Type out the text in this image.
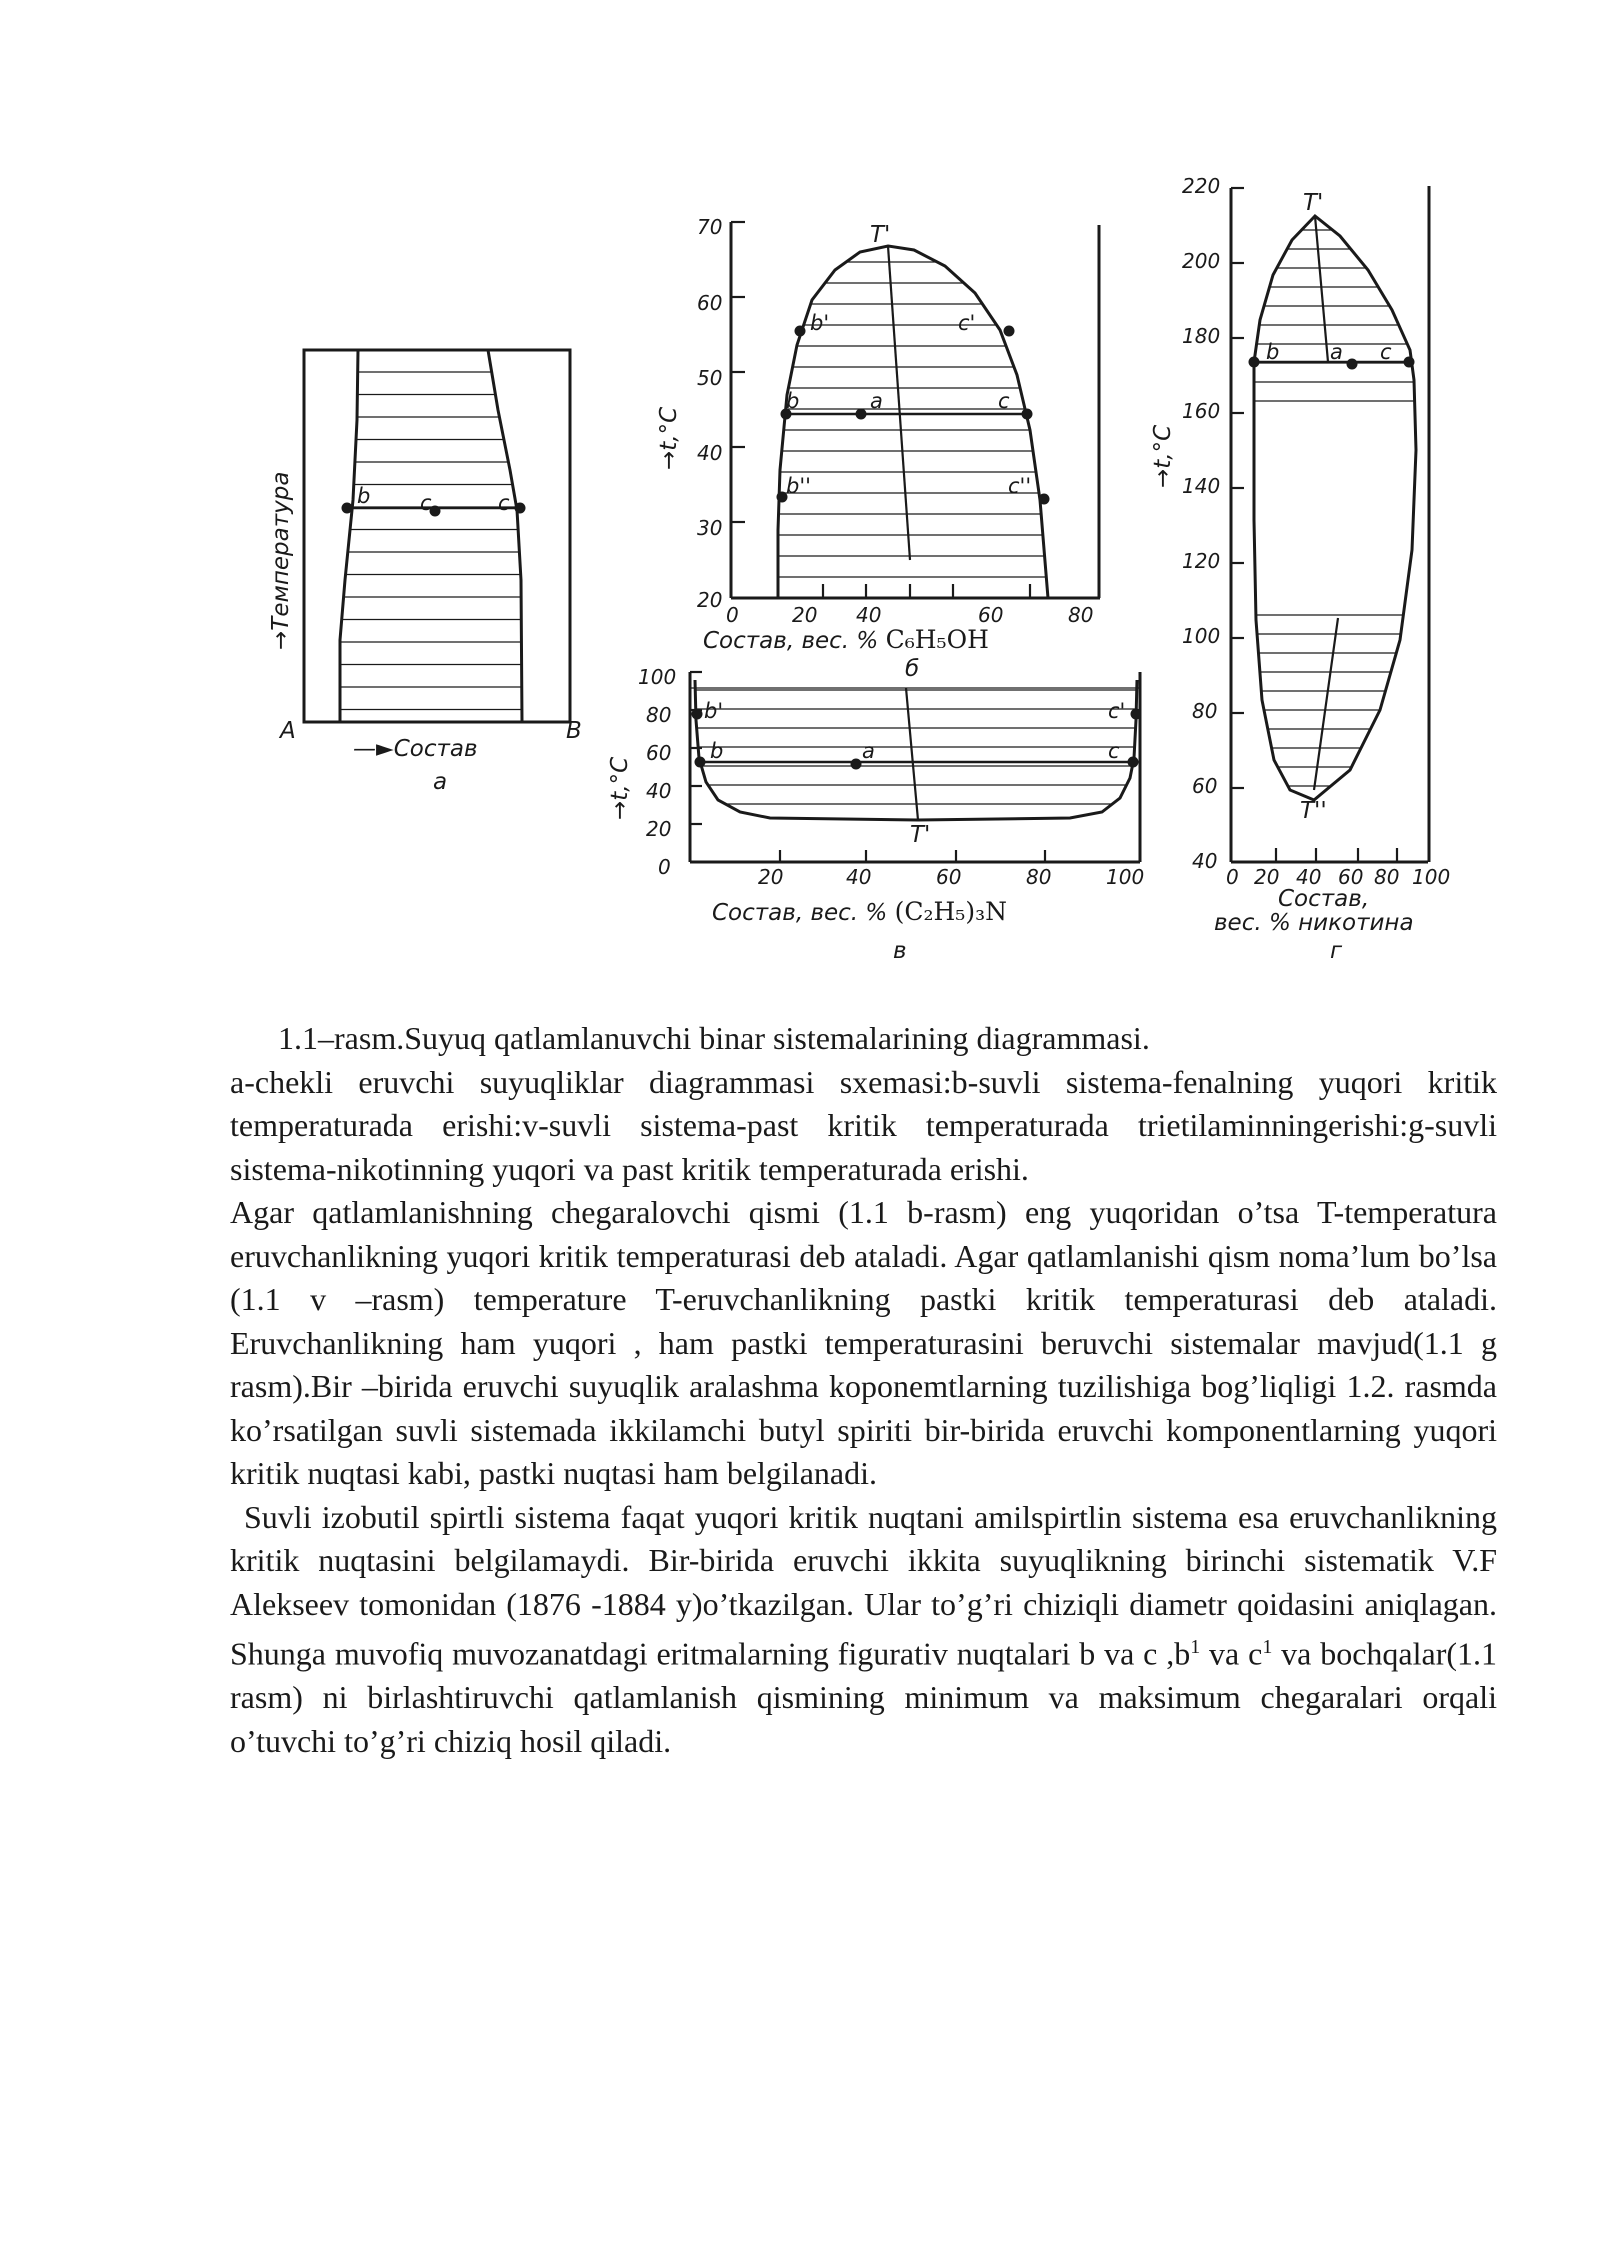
b c	c
→Температура
A	B
—►Состав
а
70
60
50
40
30
20
0	20 40	60	80
→t,°C
T'
b'	c'
b	a	c
b''	c''
Состав, вес. % C₆H₅OH
б
100
80
60
40
20
0	20	40	60	80	100
→t,°C
T'
b'	c'
b	a	c
Состав, вес. % (C₂H₅)₃N
в
220
200
180
160
140
120
100
80
60
40
0 20 40 60 80 100
→t,°C
T'
T''
b a c
Состав,
вес. % никотина
г

1.1–rasm.Suyuq qatlamlanuvchi binar sistemalarining diagrammasi.

a-chekli eruvchi suyuqliklar diagrammasi sxemasi:b-suvli sistema-fenalning yuqori kritik temperaturada erishi:v-suvli sistema-past kritik temperaturada trietilaminningerishi:g-suvli sistema-nikotinning yuqori va past kritik temperaturada erishi.

Agar qatlamlanishning chegaralovchi qismi (1.1 b-rasm) eng yuqoridan o’tsa T-temperatura eruvchanlikning yuqori kritik temperaturasi deb ataladi. Agar qatlamlanishi qism noma’lum bo’lsa (1.1 v –rasm) temperature T-eruvchanlikning pastki kritik temperaturasi deb ataladi. Eruvchanlikning ham yuqori , ham pastki temperaturasini beruvchi sistemalar mavjud(1.1 g rasm).Bir –birida eruvchi suyuqlik aralashma koponemtlarning tuzilishiga bog’liqligi 1.2. rasmda ko’rsatilgan suvli sistemada ikkilamchi butyl spiriti bir-birida eruvchi komponentlarning yuqori kritik nuqtasi kabi, pastki nuqtasi ham belgilanadi.

Suvli izobutil spirtli sistema faqat yuqori kritik nuqtani amilspirtlin sistema esa eruvchanlikning kritik nuqtasini belgilamaydi. Bir-birida eruvchi ikkita suyuqlikning birinchi sistematik V.F Alekseev tomonidan (1876 -1884 y)o’tkazilgan. Ular to’g’ri chiziqli diametr qoidasini aniqlagan. Shunga muvofiq muvozanatdagi eritmalarning figurativ nuqtalari b va c $,b^1$ va $c^1$ va bochqalar(1.1 rasm) ni birlashtiruvchi qatlamlanish qismining minimum va maksimum chegaralari orqali o’tuvchi to’g’ri chiziq hosil qiladi.
